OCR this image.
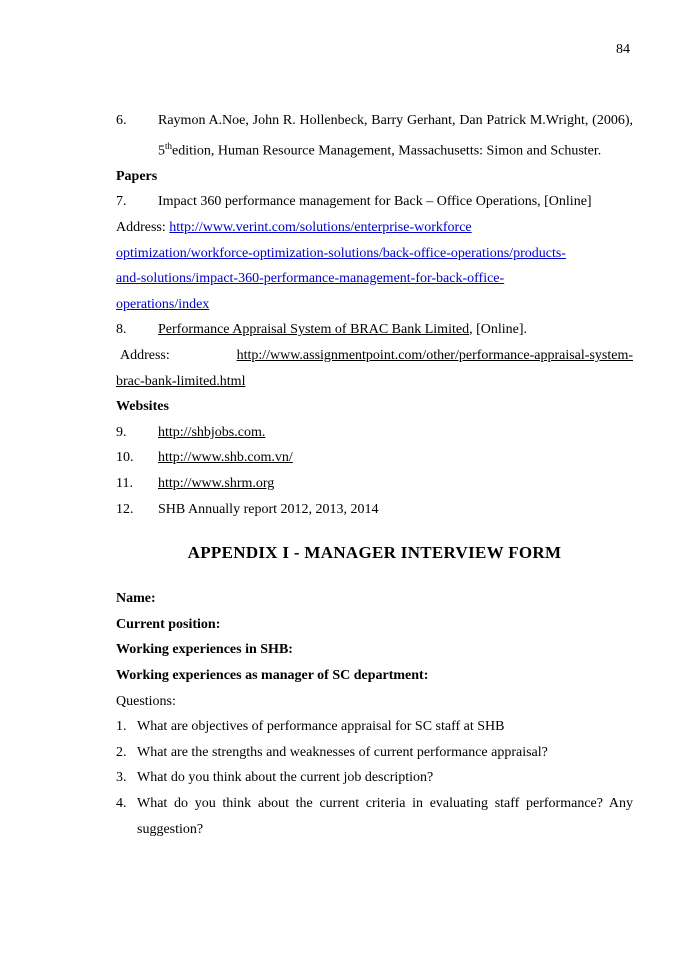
84
6.	Raymon A.Noe, John R. Hollenbeck, Barry Gerhant, Dan Patrick M.Wright, (2006), 5thedition, Human Resource Management, Massachusetts: Simon and Schuster.
Papers
7.	Impact 360 performance management for Back – Office Operations, [Online]
Address: http://www.verint.com/solutions/enterprise-workforce
optimization/workforce-optimization-solutions/back-office-operations/products-
and-solutions/impact-360-performance-management-for-back-office-
operations/index
8.	Performance Appraisal System of BRAC Bank Limited, [Online].
Address:	http://www.assignmentpoint.com/other/performance-appraisal-system-
brac-bank-limited.html
Websites
9.	http://shbjobs.com.
10.	http://www.shb.com.vn/
11.	http://www.shrm.org
12.	SHB Annually report 2012, 2013, 2014
APPENDIX I - MANAGER INTERVIEW FORM
Name:
Current position:
Working experiences in SHB:
Working experiences as manager of SC department:
Questions:
1. What are objectives of performance appraisal for SC staff at SHB
2. What are the strengths and weaknesses of current performance appraisal?
3. What do you think about the current job description?
4. What do you think about the current criteria in evaluating staff performance? Any suggestion?
